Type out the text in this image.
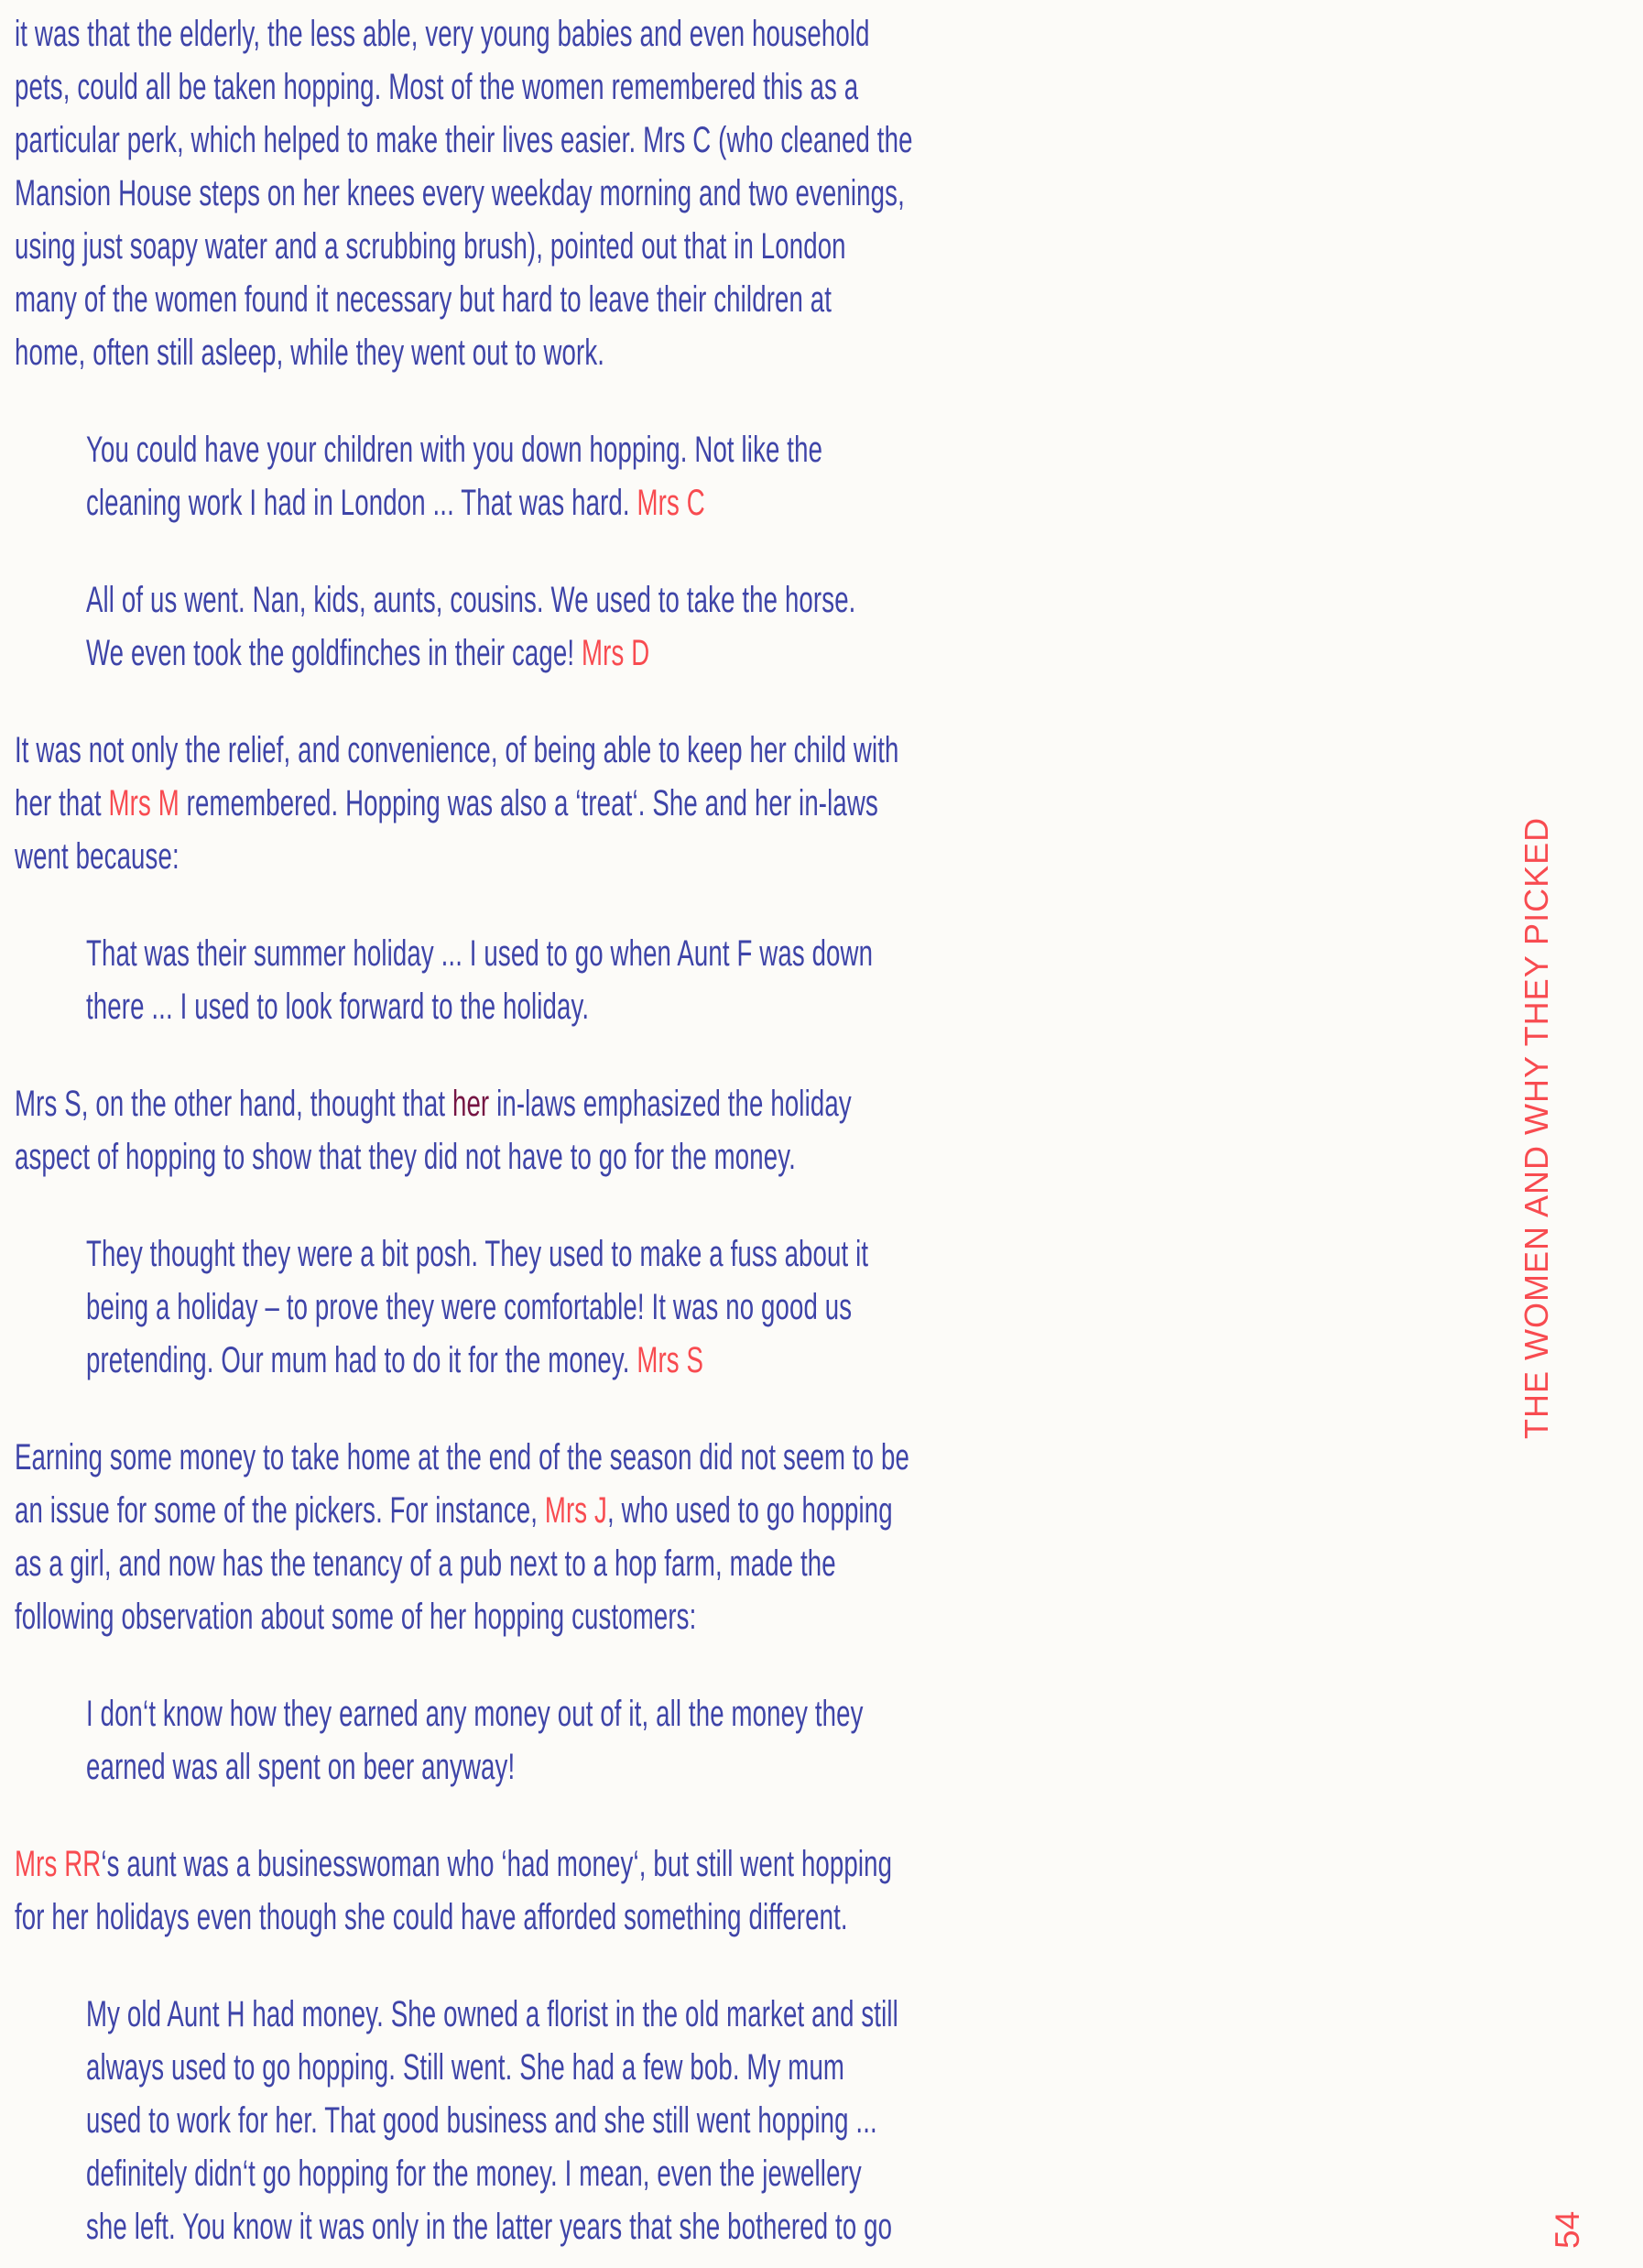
it was that the elderly, the less able, very young babies and even household
pets, could all be taken hopping. Most of the women remembered this as a
particular perk, which helped to make their lives easier. Mrs C (who cleaned the
Mansion House steps on her knees every weekday morning and two evenings,
using just soapy water and a scrubbing brush), pointed out that in London
many of the women found it necessary but hard to leave their children at
home, often still asleep, while they went out to work.
You could have your children with you down hopping. Not like the
cleaning work I had in London ... That was hard. Mrs C
All of us went. Nan, kids, aunts, cousins. We used to take the horse.
We even took the goldfinches in their cage! Mrs D
It was not only the relief, and convenience, of being able to keep her child with
her that Mrs M remembered. Hopping was also a ‘treat‘. She and her in-laws
went because:
That was their summer holiday ... I used to go when Aunt F was down
there ... I used to look forward to the holiday.
Mrs S, on the other hand, thought that her in-laws emphasized the holiday
aspect of hopping to show that they did not have to go for the money.
They thought they were a bit posh. They used to make a fuss about it
being a holiday – to prove they were comfortable! It was no good us
pretending. Our mum had to do it for the money. Mrs S
Earning some money to take home at the end of the season did not seem to be
an issue for some of the pickers. For instance, Mrs J, who used to go hopping
as a girl, and now has the tenancy of a pub next to a hop farm, made the
following observation about some of her hopping customers:
I don‘t know how they earned any money out of it, all the money they
earned was all spent on beer anyway!
Mrs RR‘s aunt was a businesswoman who ‘had money‘, but still went hopping
for her holidays even though she could have afforded something different.
My old Aunt H had money. She owned a florist in the old market and still
always used to go hopping. Still went. She had a few bob. My mum
used to work for her. That good business and she still went hopping ...
definitely didn‘t go hopping for the money. I mean, even the jewellery
she left. You know it was only in the latter years that she bothered to go
THE WOMEN AND WHY THEY PICKED
54
